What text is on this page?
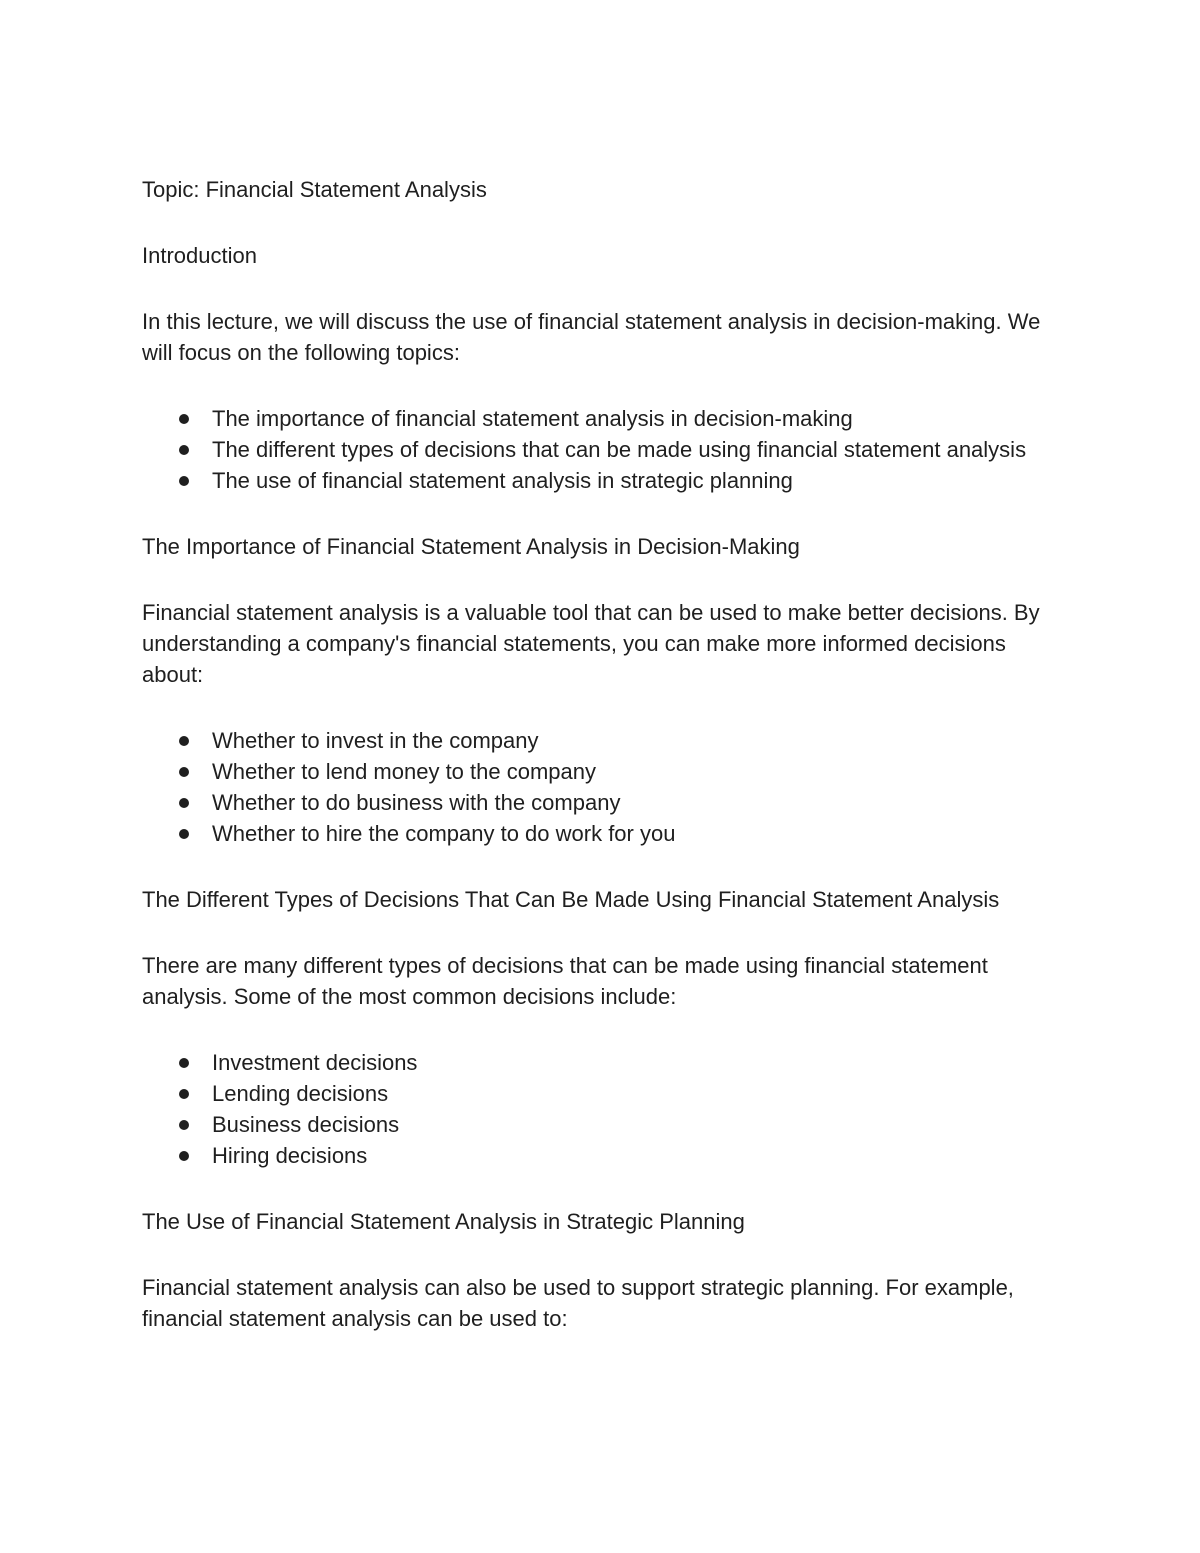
Topic: Financial Statement Analysis

Introduction

In this lecture, we will discuss the use of financial statement analysis in decision-making. We will focus on the following topics:

The importance of financial statement analysis in decision-making
The different types of decisions that can be made using financial statement analysis
The use of financial statement analysis in strategic planning

The Importance of Financial Statement Analysis in Decision-Making

Financial statement analysis is a valuable tool that can be used to make better decisions. By understanding a company's financial statements, you can make more informed decisions about:

Whether to invest in the company
Whether to lend money to the company
Whether to do business with the company
Whether to hire the company to do work for you

The Different Types of Decisions That Can Be Made Using Financial Statement Analysis

There are many different types of decisions that can be made using financial statement analysis. Some of the most common decisions include:

Investment decisions
Lending decisions
Business decisions
Hiring decisions

The Use of Financial Statement Analysis in Strategic Planning

Financial statement analysis can also be used to support strategic planning. For example, financial statement analysis can be used to:
